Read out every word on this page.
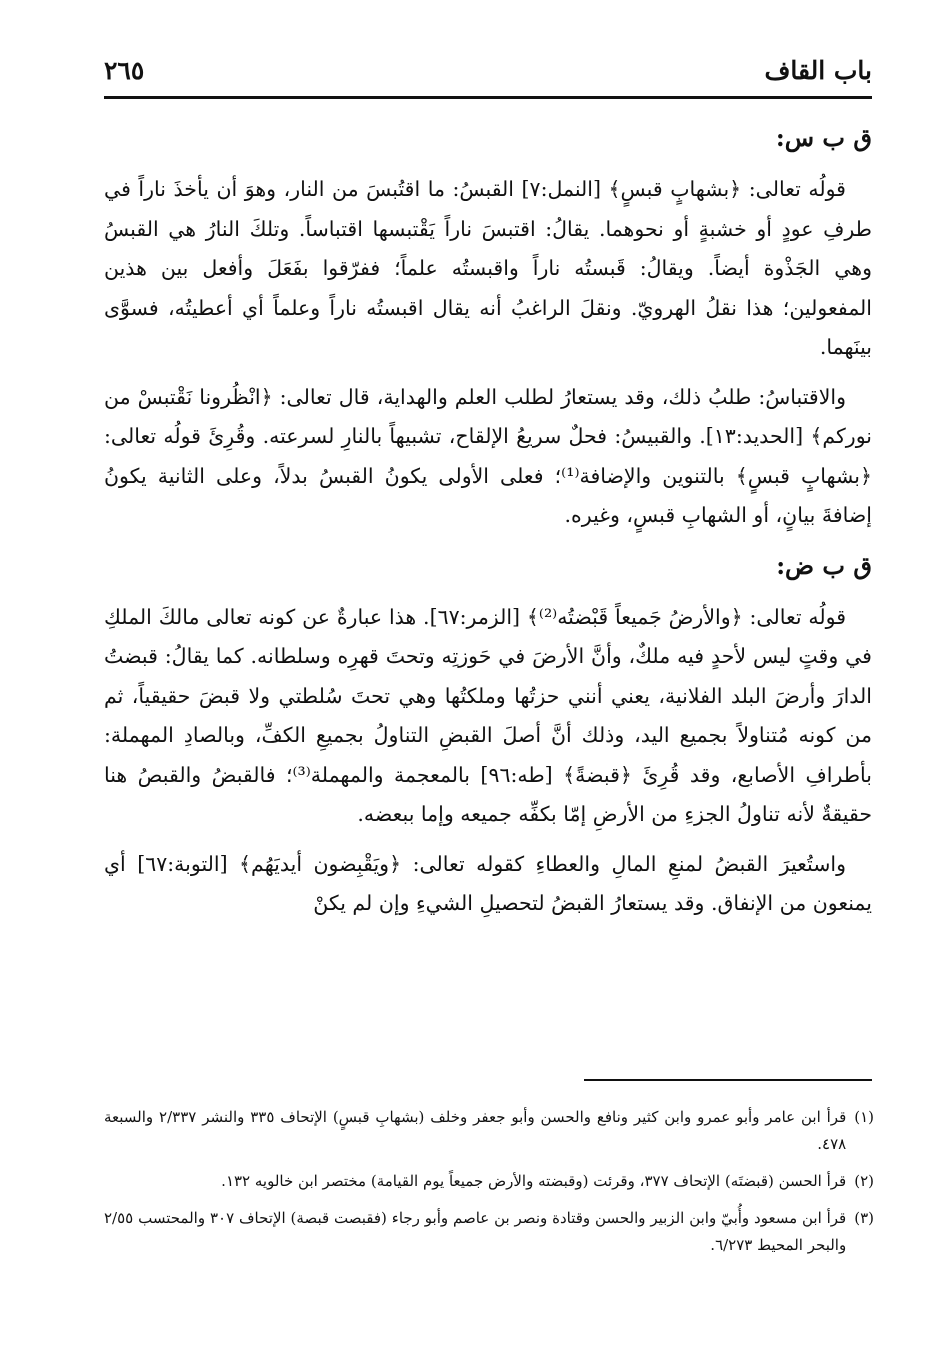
باب القاف
٢٦٥
ق ب س:

قولُه تعالى: ﴿بشهابٍ قبسٍ﴾ [النمل:٧] القبسُ: ما اقتُبسَ من النار، وهوَ أن يأخذَ ناراً في طرفِ عودٍ أو خشبةٍ أو نحوهما. يقالُ: اقتبسَ ناراً يَقْتبسها اقتباساً. وتلكَ النارُ هي القبسُ وهي الجَذْوة أيضاً. ويقالُ: قَبستُه ناراً واقبستُه علماً؛ ففرّقوا بفَعَلَ وأفعل بين هذين المفعولين؛ هذا نقلُ الهرويّ. ونقلَ الراغبُ أنه يقال اقبستُه ناراً وعلماً أي أعطيتُه، فسوَّى بينَهما.

والاقتباسُ: طلبُ ذلك، وقد يستعارُ لطلب العلم والهداية، قال تعالى: ﴿انْظُرونا نَقْتبسْ من نوركم﴾ [الحديد:١٣]. والقبيسُ: فحلٌ سريعُ الإلقاح، تشبيهاً بالنارِ لسرعته. وقُرِئَ قولُه تعالى: ﴿بشهابٍ قبسٍ﴾ بالتنوين والإضافة⁽¹⁾؛ فعلى الأولى يكونُ القبسُ بدلاً، وعلى الثانية يكونُ إضافةَ بيانٍ، أو الشهابِ قبسٍ، وغيره.

ق ب ض:

قولُه تعالى: ﴿والأرضُ جَميعاً قَبْضتُه⁽²⁾﴾ [الزمر:٦٧]. هذا عبارةٌ عن كونه تعالى مالكَ الملكِ في وقتٍ ليس لأحدٍ فيه ملكٌ، وأنَّ الأرضَ في حَوزتِه وتحتَ قهرِه وسلطانه. كما يقالُ: قبضتُ الدارَ وأرضَ البلد الفلانية، يعني أنني حزتُها وملكتُها وهي تحتَ سُلطتي ولا قبضَ حقيقياً، ثم من كونه مُتناولاً بجميع اليد، وذلك أنَّ أصلَ القبضِ التناولُ بجميعِ الكفِّ، وبالصادِ المهملة: بأطرافِ الأصابع، وقد قُرِئَ ﴿قبضةً﴾ [طه:٩٦] بالمعجمة والمهملة⁽³⁾؛ فالقبضُ والقبصُ هنا حقيقةٌ لأنه تناولُ الجزءِ من الأرضِ إمّا بكفِّه جميعه وإما ببعضه.

واستُعيرَ القبضُ لمنعِ المالِ والعطاءِ كقوله تعالى: ﴿ويَقْبِضون أيديَهُم﴾ [التوبة:٦٧] أي يمنعون من الإنفاق. وقد يستعارُ القبضُ لتحصيلِ الشيءِ وإن لم يكنْ

(١)
قرأ ابن عامر وأبو عمرو وابن كثير ونافع والحسن وأبو جعفر وخلف (بشهابِ قبسٍ) الإتحاف ٣٣٥ والنشر ٢/٣٣٧ والسبعة ٤٧٨.
(٢)
قرأ الحسن (قبضتَه) الإتحاف ٣٧٧، وقرئت (وقبضته والأرض جميعاً يوم القيامة) مختصر ابن خالويه ١٣٢.
(٣)
قرأ ابن مسعود وأُبيّ وابن الزبير والحسن وقتادة ونصر بن عاصم وأبو رجاء (فقبصت قبصة) الإتحاف ٣٠٧ والمحتسب ٢/٥٥ والبحر المحيط ٦/٢٧٣.
